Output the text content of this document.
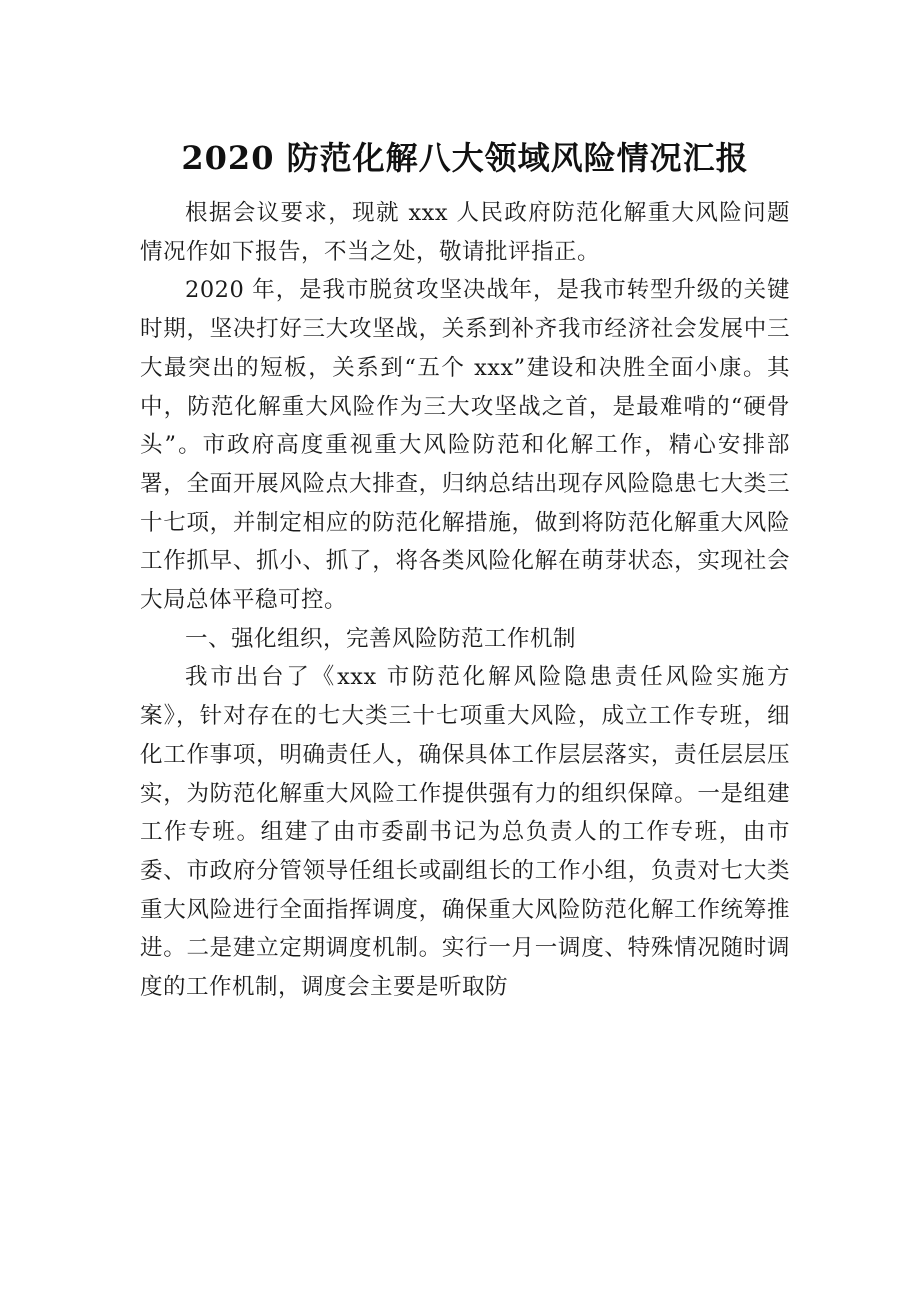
2020 防范化解八大领域风险情况汇报

根据会议要求，现就 xxx 人民政府防范化解重大风险问题情况作如下报告，不当之处，敬请批评指正。

2020 年，是我市脱贫攻坚决战年，是我市转型升级的关键时期，坚决打好三大攻坚战，关系到补齐我市经济社会发展中三大最突出的短板，关系到“五个 xxx”建设和决胜全面小康。其中，防范化解重大风险作为三大攻坚战之首，是最难啃的“硬骨头”。市政府高度重视重大风险防范和化解工作，精心安排部署，全面开展风险点大排查，归纳总结出现存风险隐患七大类三十七项，并制定相应的防范化解措施，做到将防范化解重大风险工作抓早、抓小、抓了，将各类风险化解在萌芽状态，实现社会大局总体平稳可控。

一、强化组织，完善风险防范工作机制

我市出台了《xxx 市防范化解风险隐患责任风险实施方案》，针对存在的七大类三十七项重大风险，成立工作专班，细化工作事项，明确责任人，确保具体工作层层落实，责任层层压实，为防范化解重大风险工作提供强有力的组织保障。一是组建工作专班。组建了由市委副书记为总负责人的工作专班，由市委、市政府分管领导任组长或副组长的工作小组，负责对七大类重大风险进行全面指挥调度，确保重大风险防范化解工作统筹推进。二是建立定期调度机制。实行一月一调度、特殊情况随时调度的工作机制，调度会主要是听取防
